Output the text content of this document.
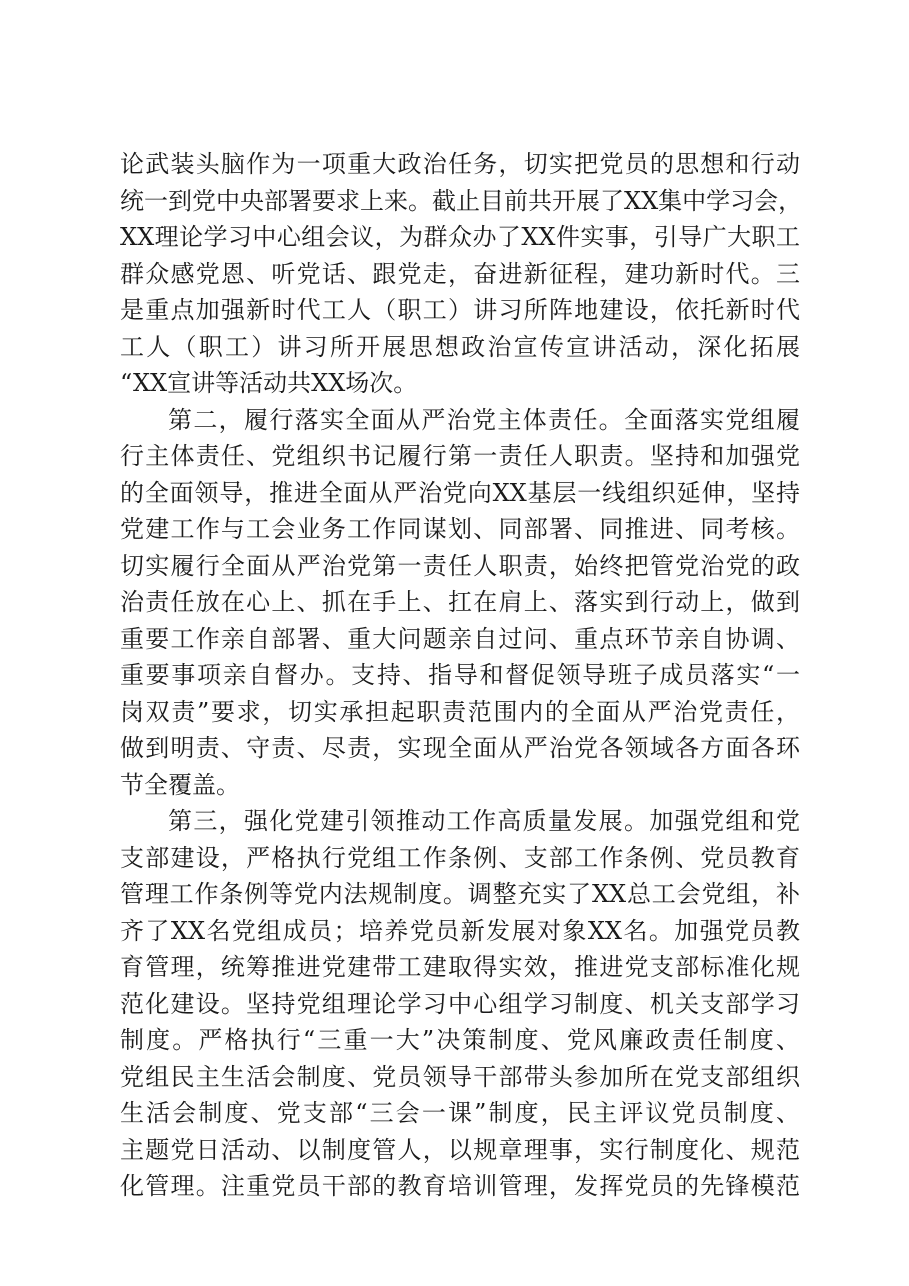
论武装头脑作为一项重大政治任务，切实把党员的思想和行动
统一到党中央部署要求上来。截止目前共开展了XX集中学习会，
XX理论学习中心组会议，为群众办了XX件实事，引导广大职工
群众感党恩、听党话、跟党走，奋进新征程，建功新时代。三
是重点加强新时代工人（职工）讲习所阵地建设，依托新时代
工人（职工）讲习所开展思想政治宣传宣讲活动，深化拓展
“XX宣讲等活动共XX场次。
第二，履行落实全面从严治党主体责任。全面落实党组履
行主体责任、党组织书记履行第一责任人职责。坚持和加强党
的全面领导，推进全面从严治党向XX基层一线组织延伸，坚持
党建工作与工会业务工作同谋划、同部署、同推进、同考核。
切实履行全面从严治党第一责任人职责，始终把管党治党的政
治责任放在心上、抓在手上、扛在肩上、落实到行动上，做到
重要工作亲自部署、重大问题亲自过问、重点环节亲自协调、
重要事项亲自督办。支持、指导和督促领导班子成员落实“一
岗双责”要求，切实承担起职责范围内的全面从严治党责任，
做到明责、守责、尽责，实现全面从严治党各领域各方面各环
节全覆盖。
第三，强化党建引领推动工作高质量发展。加强党组和党
支部建设，严格执行党组工作条例、支部工作条例、党员教育
管理工作条例等党内法规制度。调整充实了XX总工会党组，补
齐了XX名党组成员；培养党员新发展对象XX名。加强党员教
育管理，统筹推进党建带工建取得实效，推进党支部标准化规
范化建设。坚持党组理论学习中心组学习制度、机关支部学习
制度。严格执行“三重一大”决策制度、党风廉政责任制度、
党组民主生活会制度、党员领导干部带头参加所在党支部组织
生活会制度、党支部“三会一课”制度，民主评议党员制度、
主题党日活动、以制度管人，以规章理事，实行制度化、规范
化管理。注重党员干部的教育培训管理，发挥党员的先锋模范
